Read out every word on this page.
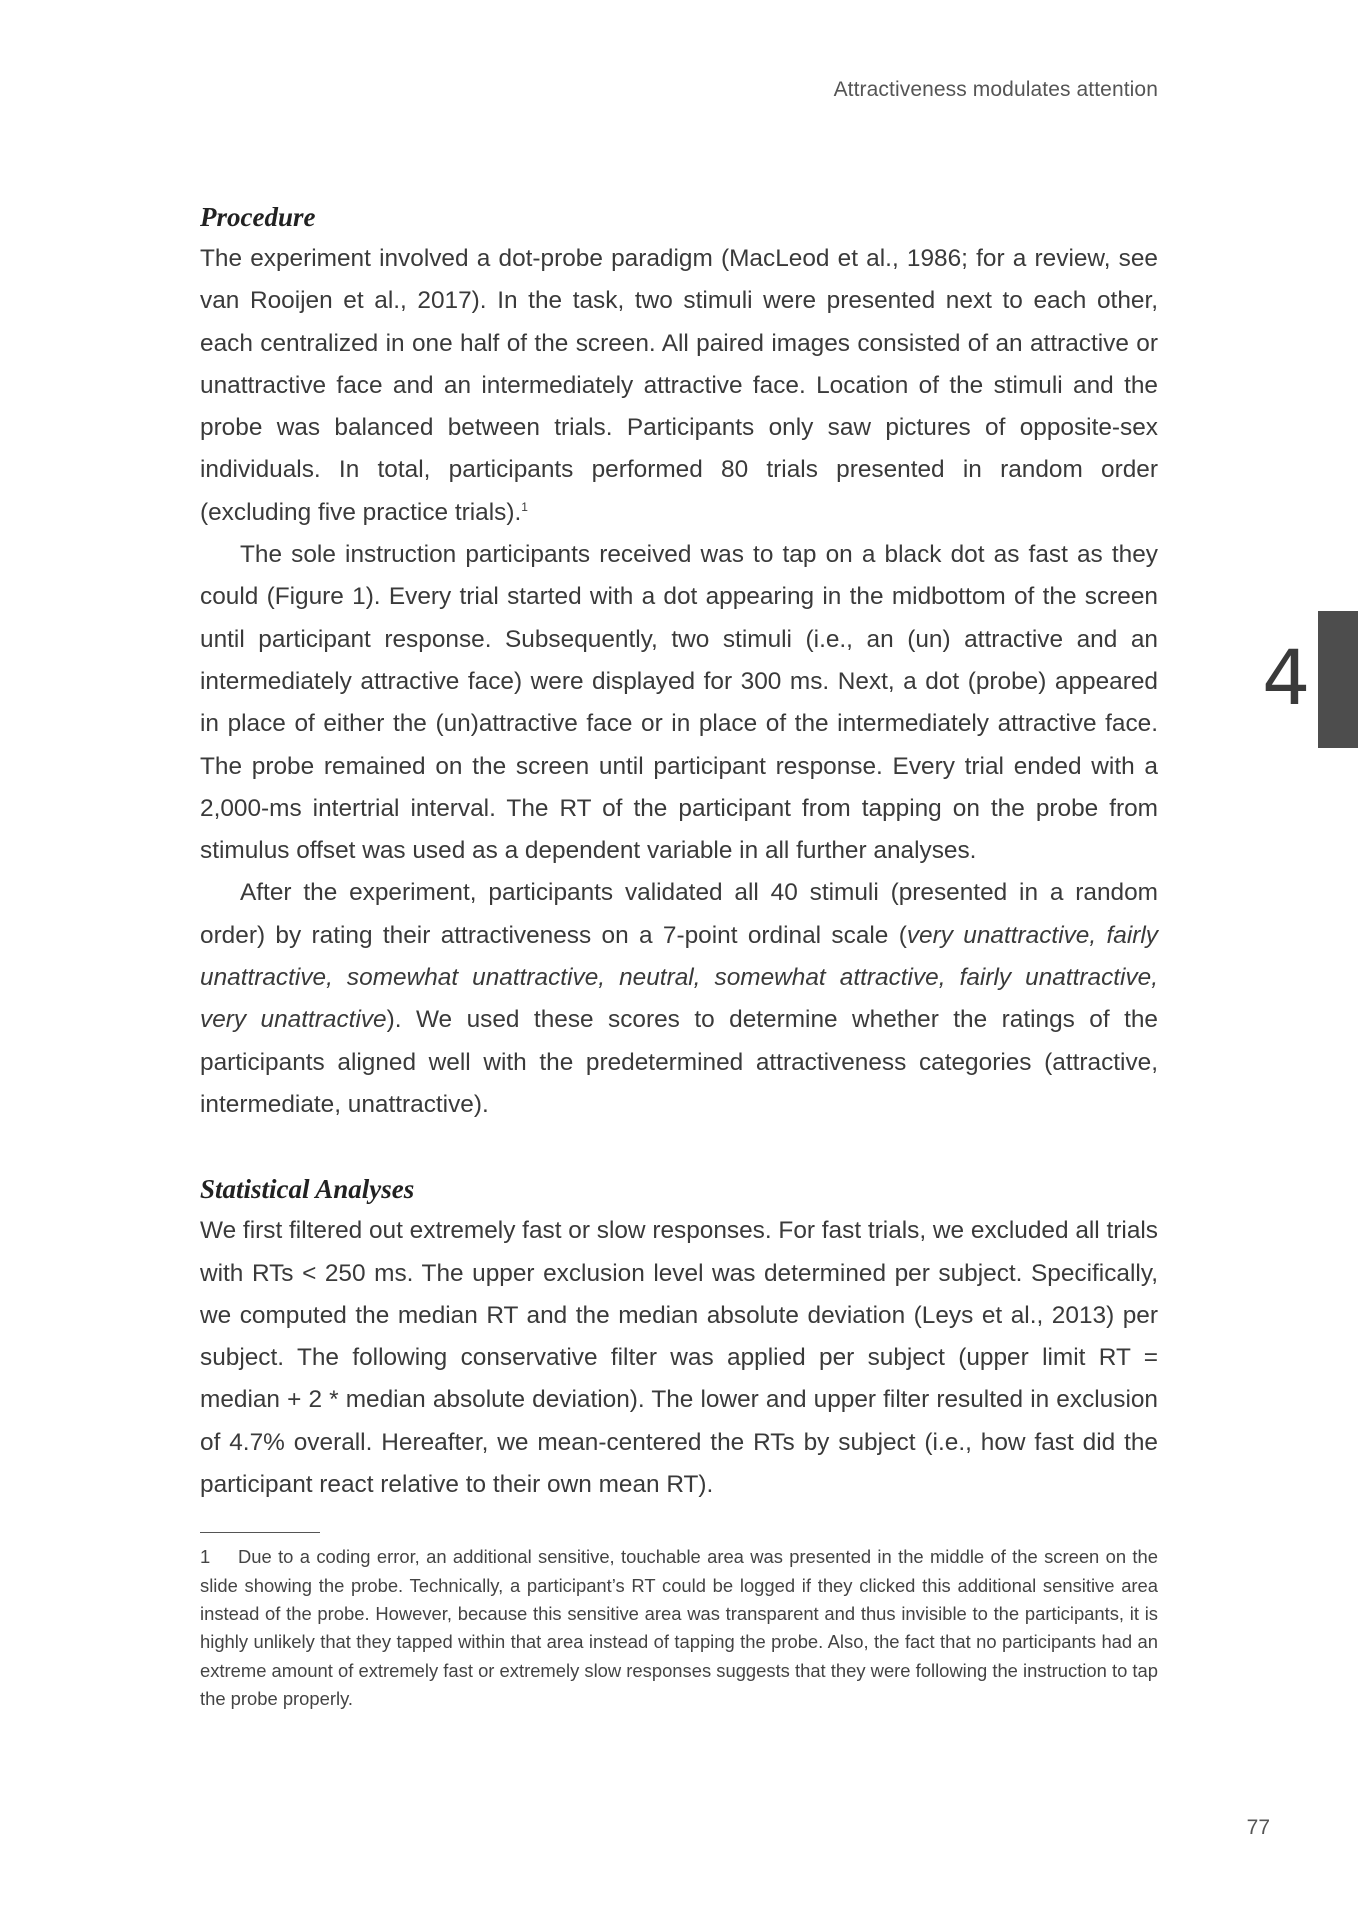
Attractiveness modulates attention
4
Procedure

The experiment involved a dot-probe paradigm (MacLeod et al., 1986; for a review, see van Rooijen et al., 2017). In the task, two stimuli were presented next to each other, each centralized in one half of the screen. All paired images consisted of an attractive or unattractive face and an intermediately attractive face. Location of the stimuli and the probe was balanced between trials. Participants only saw pictures of opposite-sex individuals. In total, participants performed 80 trials presented in random order (excluding five practice trials).$^1$

The sole instruction participants received was to tap on a black dot as fast as they could (Figure 1). Every trial started with a dot appearing in the midbottom of the screen until participant response. Subsequently, two stimuli (i.e., an (un) attractive and an intermediately attractive face) were displayed for 300 ms. Next, a dot (probe) appeared in place of either the (un)attractive face or in place of the intermediately attractive face. The probe remained on the screen until participant response. Every trial ended with a 2,000-ms intertrial interval. The RT of the participant from tapping on the probe from stimulus offset was used as a dependent variable in all further analyses.

After the experiment, participants validated all 40 stimuli (presented in a random order) by rating their attractiveness on a 7-point ordinal scale (very unattractive, fairly unattractive, somewhat unattractive, neutral, somewhat attractive, fairly unattractive, very unattractive). We used these scores to determine whether the ratings of the participants aligned well with the predetermined attractiveness categories (attractive, intermediate, unattractive).

Statistical Analyses

We first filtered out extremely fast or slow responses. For fast trials, we excluded all trials with RTs < 250 ms. The upper exclusion level was determined per subject. Specifically, we computed the median RT and the median absolute deviation (Leys et al., 2013) per subject. The following conservative filter was applied per subject (upper limit RT = median + 2 * median absolute deviation). The lower and upper filter resulted in exclusion of 4.7% overall. Hereafter, we mean-centered the RTs by subject (i.e., how fast did the participant react relative to their own mean RT).

1 Due to a coding error, an additional sensitive, touchable area was presented in the middle of the screen on the slide showing the probe. Technically, a participant’s RT could be logged if they clicked this additional sensitive area instead of the probe. However, because this sensitive area was transparent and thus invisible to the participants, it is highly unlikely that they tapped within that area instead of tapping the probe. Also, the fact that no participants had an extreme amount of extremely fast or extremely slow responses suggests that they were following the instruction to tap the probe properly.

77
